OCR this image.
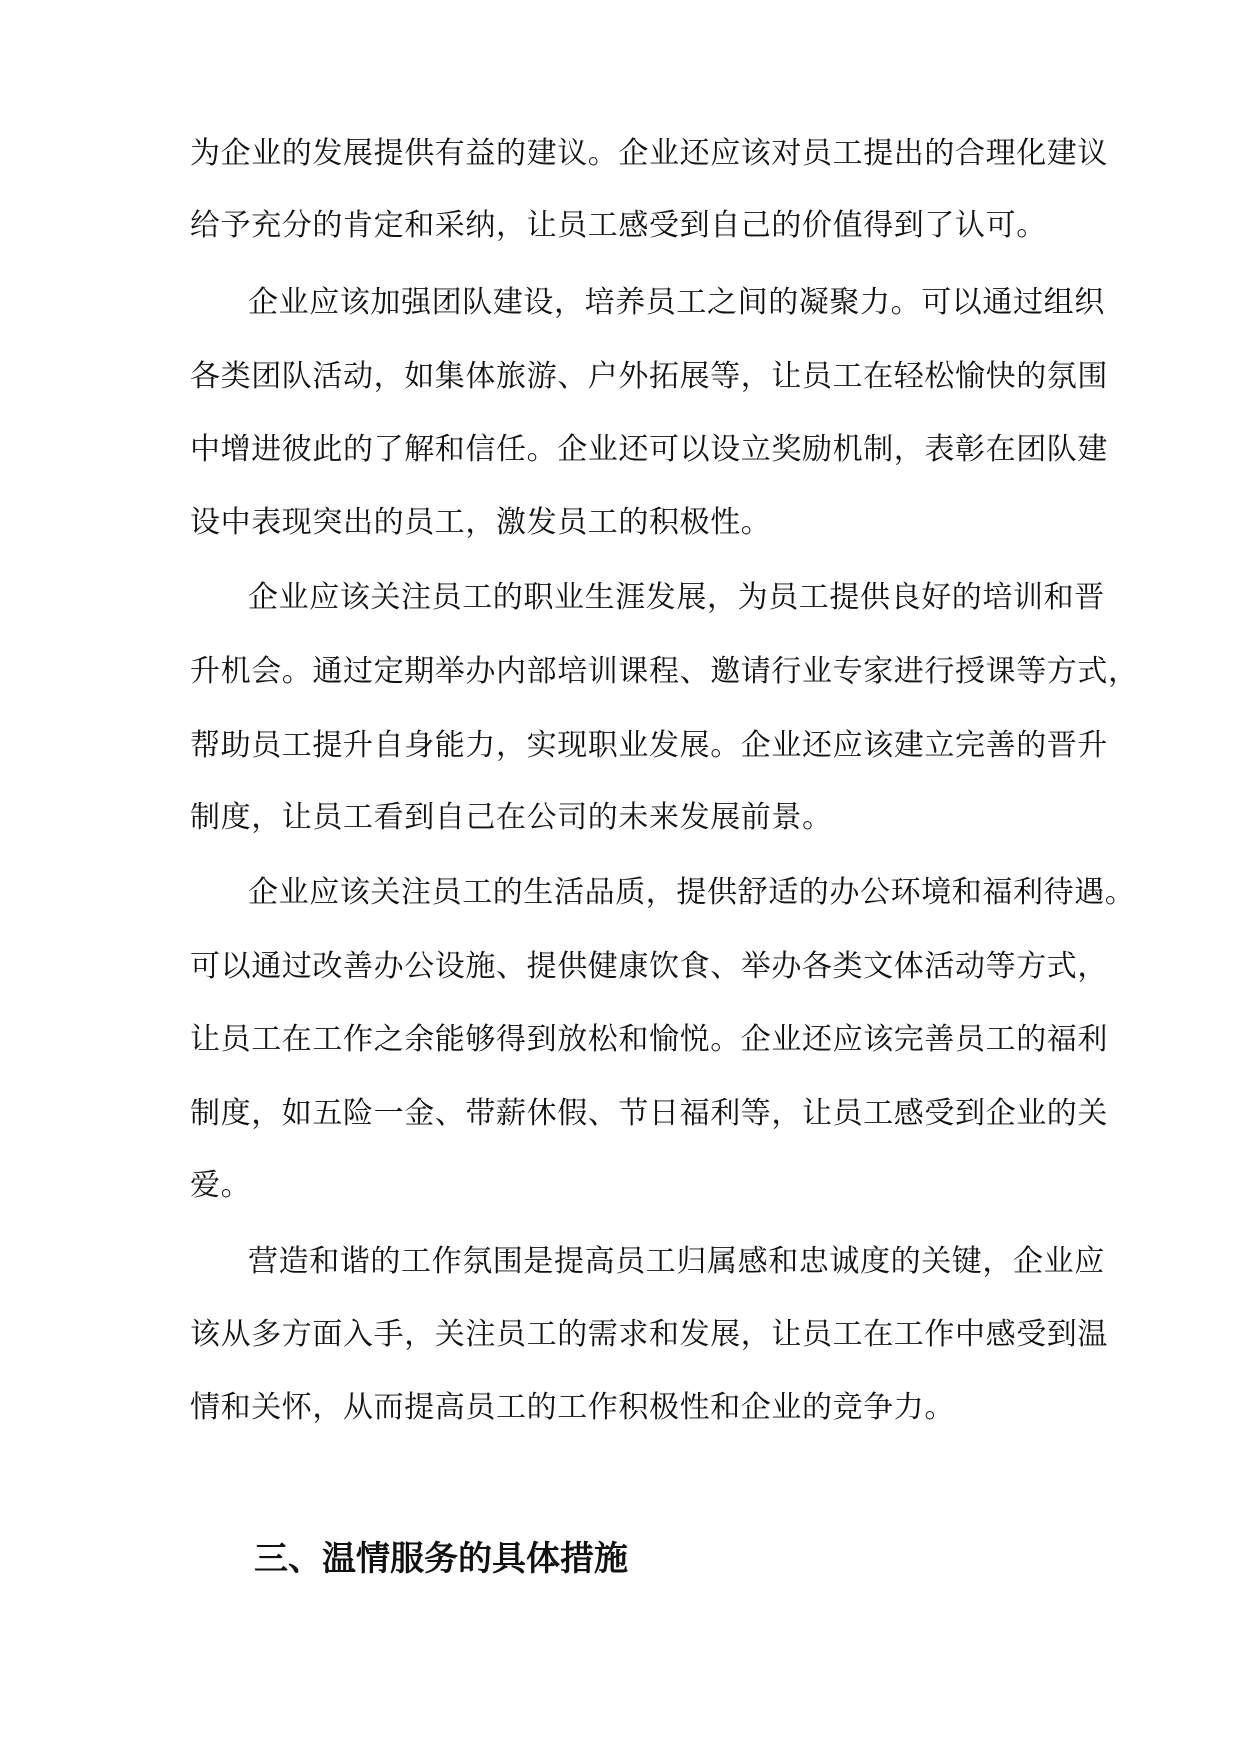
为企业的发展提供有益的建议。企业还应该对员工提出的合理化建议
给予充分的肯定和采纳，让员工感受到自己的价值得到了认可。
企业应该加强团队建设，培养员工之间的凝聚力。可以通过组织
各类团队活动，如集体旅游、户外拓展等，让员工在轻松愉快的氛围
中增进彼此的了解和信任。企业还可以设立奖励机制，表彰在团队建
设中表现突出的员工，激发员工的积极性。
企业应该关注员工的职业生涯发展，为员工提供良好的培训和晋
升机会。通过定期举办内部培训课程、邀请行业专家进行授课等方式，
帮助员工提升自身能力，实现职业发展。企业还应该建立完善的晋升
制度，让员工看到自己在公司的未来发展前景。
企业应该关注员工的生活品质，提供舒适的办公环境和福利待遇。
可以通过改善办公设施、提供健康饮食、举办各类文体活动等方式，
让员工在工作之余能够得到放松和愉悦。企业还应该完善员工的福利
制度，如五险一金、带薪休假、节日福利等，让员工感受到企业的关
爱。
营造和谐的工作氛围是提高员工归属感和忠诚度的关键，企业应
该从多方面入手，关注员工的需求和发展，让员工在工作中感受到温
情和关怀，从而提高员工的工作积极性和企业的竞争力。
三、温情服务的具体措施
